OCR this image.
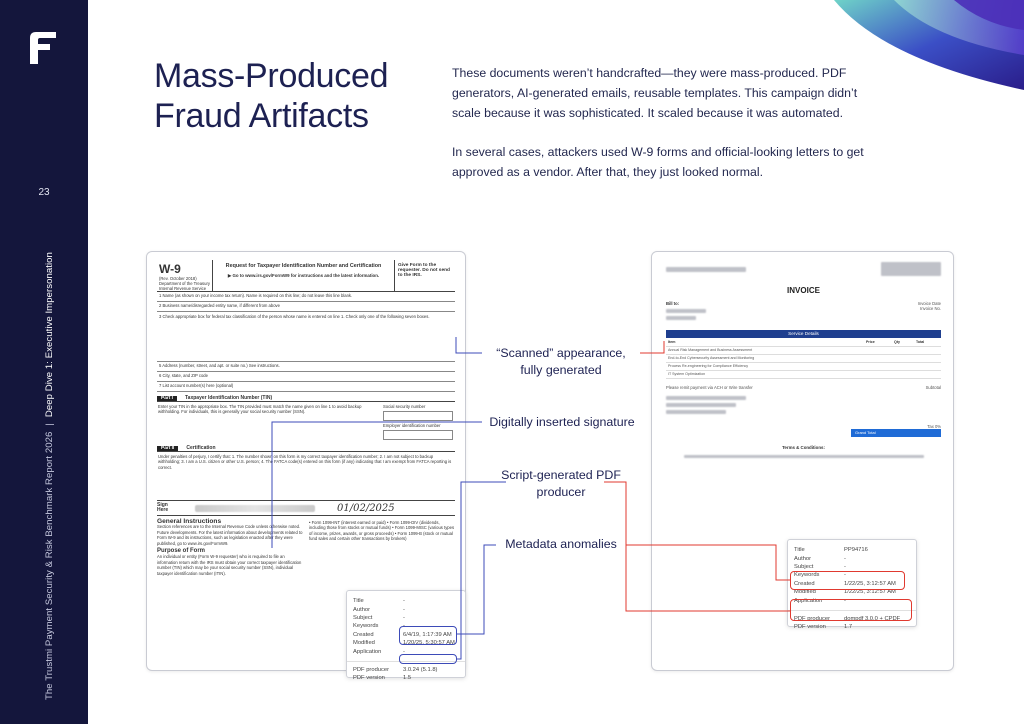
23
The Trustmi Payment Security & Risk Benchmark Report 2026|Deep Dive 1: Executive Impersonation
Mass-Produced
Fraud Artifacts

These documents weren’t handcrafted—they were mass-produced. PDF generators, AI-generated emails, reusable templates. This campaign didn’t scale because it was sophisticated. It scaled because it was automated.

In several cases, attackers used W-9 forms and official-looking letters to get approved as a vendor. After that, they just looked normal.

W-9
(Rev. October 2018) Department of the Treasury Internal Revenue Service
Request for Taxpayer Identification Number and Certification
▶ Go to www.irs.gov/FormW9 for instructions and the latest information.
Give Form to the requester. Do not send to the IRS.
1 Name (as shown on your income tax return). Name is required on this line; do not leave this line blank.
2 Business name/disregarded entity name, if different from above
3 Check appropriate box for federal tax classification of the person whose name is entered on line 1. Check only one of the following seven boxes.
5 Address (number, street, and apt. or suite no.) See instructions.
6 City, state, and ZIP code
7 List account number(s) here (optional)
Part I	Taxpayer Identification Number (TIN)
Enter your TIN in the appropriate box. The TIN provided must match the name given on line 1 to avoid backup withholding. For individuals, this is generally your social security number (SSN).
Social security number
Employer identification number
Part II	Certification
Under penalties of perjury, I certify that: 1. The number shown on this form is my correct taxpayer identification number; 2. I am not subject to backup withholding; 3. I am a U.S. citizen or other U.S. person; 4. The FATCA code(s) entered on this form (if any) indicating that I am exempt from FATCA reporting is correct.
Sign Here	01/02/2025
General Instructions
Section references are to the Internal Revenue Code unless otherwise noted. Future developments. For the latest information about developments related to Form W-9 and its instructions, such as legislation enacted after they were published, go to www.irs.gov/FormW9.
Purpose of Form
An individual or entity (Form W-9 requester) who is required to file an information return with the IRS must obtain your correct taxpayer identification number (TIN) which may be your social security number (SSN), individual taxpayer identification number (ITIN).
• Form 1099-INT (interest earned or paid) • Form 1099-DIV (dividends, including those from stocks or mutual funds) • Form 1099-MISC (various types of income, prizes, awards, or gross proceeds) • Form 1099-B (stock or mutual fund sales and certain other transactions by brokers)
Title	-
Author	-
Subject	-
Keywords	-
Created	6/4/19, 1:17:39 AM
Modified	1/20/25, 5:30:57 AM
Application	-
PDF producer	3.0.24 (5.1.8)
PDF version	1.5
INVOICE
Bill to:	Invoice Date
Invoice No.
Service Details
Item	Price	Qty	Total
Annual Risk Management and Business Assessment			
End-to-End Cybersecurity Assessment and Monitoring			
Process Re-engineering for Compliance Efficiency			
IT System Optimization			
Please remit payment via ACH or Wire transfer	Subtotal
Tax 0%
Grand Total
Terms & Conditions:
Title	PP94716
Author	-
Subject	-
Keywords	-
Created	1/22/25, 3:12:57 AM
Modified	1/22/25, 3:12:57 AM
Application	-
PDF producer	dompdf 3.0.0 + CPDF
PDF version	1.7
“Scanned” appearance, fully generated
Digitally inserted signature
Script-generated PDF producer
Metadata anomalies
